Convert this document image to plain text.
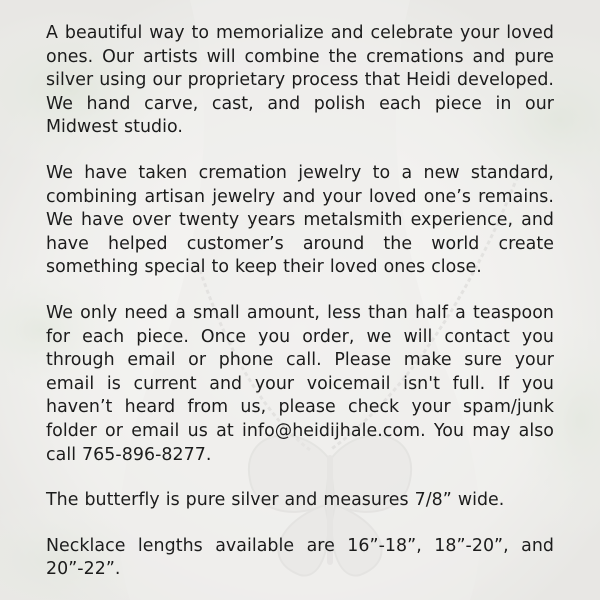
A beautiful way to memorialize and celebrate your loved ones. Our artists will combine the cremations and pure silver using our proprietary process that Heidi developed. We hand carve, cast, and polish each piece in our Midwest studio.

We have taken cremation jewelry to a new standard, combining artisan jewelry and your loved one’s remains. We have over twenty years metalsmith experience, and have helped customer’s around the world create something special to keep their loved ones close.

We only need a small amount, less than half a teaspoon for each piece. Once you order, we will contact you through email or phone call. Please make sure your email is current and your voicemail isn't full. If you haven’t heard from us, please check your spam/junk folder or email us at info@heidijhale.com. You may also call 765-896-8277.

The butterfly is pure silver and measures 7/8” wide.

Necklace lengths available are 16”-18”, 18”-20”, and 20”-22”.
